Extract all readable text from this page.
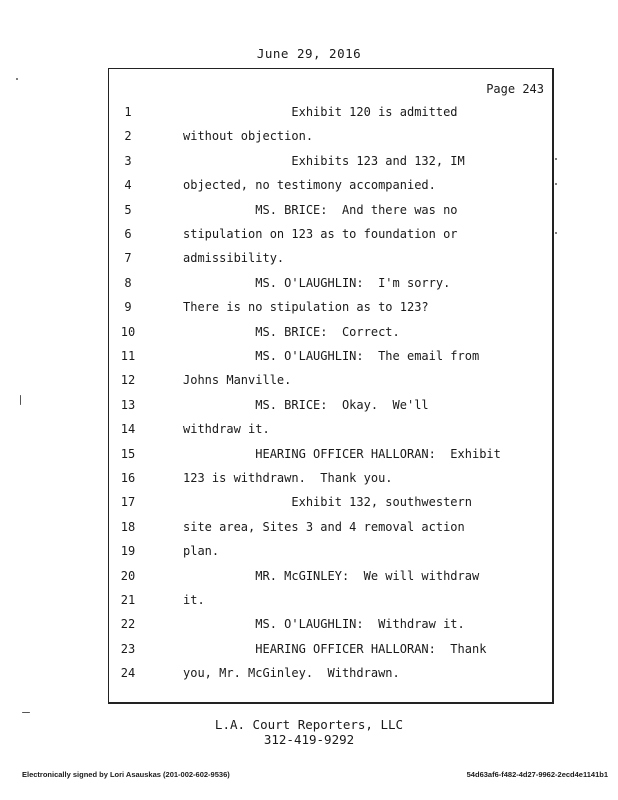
June 29, 2016
Page 243
1	Exhibit 120 is admitted
2	without objection.
3	Exhibits 123 and 132, IM
4	objected, no testimony accompanied.
5	MS. BRICE:  And there was no
6	stipulation on 123 as to foundation or
7	admissibility.
8	MS. O'LAUGHLIN:  I'm sorry.
9	There is no stipulation as to 123?
10	MS. BRICE:  Correct.
11	MS. O'LAUGHLIN:  The email from
12	Johns Manville.
13	MS. BRICE:  Okay.  We'll
14	withdraw it.
15	HEARING OFFICER HALLORAN:  Exhibit
16	123 is withdrawn.  Thank you.
17	Exhibit 132, southwestern
18	site area, Sites 3 and 4 removal action
19	plan.
20	MR. McGINLEY:  We will withdraw
21	it.
22	MS. O'LAUGHLIN:  Withdraw it.
23	HEARING OFFICER HALLORAN:  Thank
24	you, Mr. McGinley.  Withdrawn.
L.A. Court Reporters, LLC
312-419-9292
Electronically signed by Lori Asauskas (201-002-602-9536)	54d63af6-f482-4d27-9962-2ecd4e1141b1
